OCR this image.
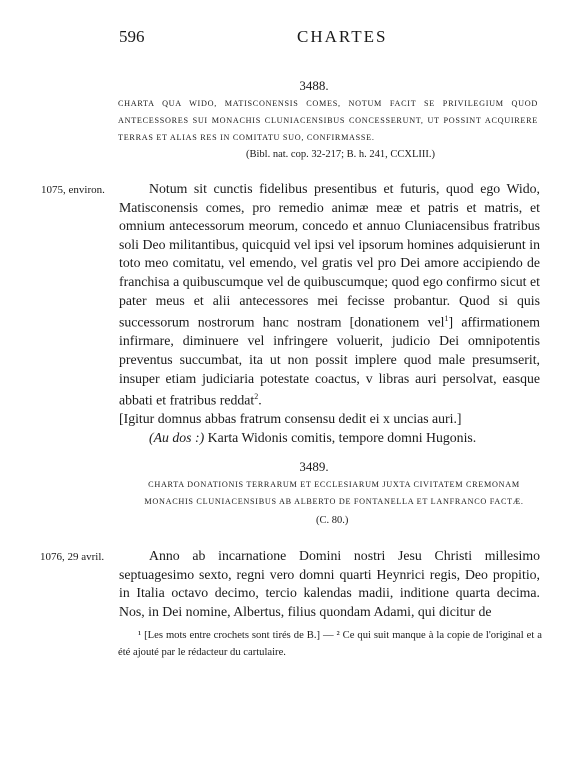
596	CHARTES
3488.
CHARTA QUA WIDO, MATISCONENSIS COMES, NOTUM FACIT SE PRIVILEGIUM QUOD ANTECESSORES SUI MONACHIS CLUNIACENSIBUS CONCESSERUNT, UT POSSINT ACQUIRERE TERRAS ET ALIAS RES IN COMITATU SUO, CONFIRMASSE.
(Bibl. nat. cop. 32-217; B. h. 241, CCXLIII.)
1075, environ.	Notum sit cunctis fidelibus presentibus et futuris, quod ego Wido, Matisconensis comes, pro remedio animæ meæ et patris et matris, et omnium antecessorum meorum, concedo et annuo Cluniacensibus fratribus soli Deo militantibus, quicquid vel ipsi vel ipsorum homines adquisierunt in toto meo comitatu, vel emendo, vel gratis vel pro Dei amore accipiendo de franchisa a quibuscumque vel de quibuscumque; quod ego confirmo sicut et pater meus et alii antecessores mei fecisse probantur. Quod si quis successorum nostrorum hanc nostram [donationem vel$^1$] affirmationem infirmare, diminuere vel infringere voluerit, judicio Dei omnipotentis preventus succumbat, ita ut non possit implere quod male presumserit, insuper etiam judiciaria potestate coactus, v libras auri persolvat, easque abbati et fratribus reddat$^2$.

[Igitur domnus abbas fratrum consensu dedit ei x uncias auri.]

(Au dos :) Karta Widonis comitis, tempore domni Hugonis.

3489.
CHARTA DONATIONIS TERRARUM ET ECCLESIARUM JUXTA CIVITATEM CREMONAM MONACHIS CLUNIACENSIBUS AB ALBERTO DE FONTANELLA ET LANFRANCO FACTÆ.
(C. 80.)
1076, 29 avril.	Anno ab incarnatione Domini nostri Jesu Christi millesimo septuagesimo sexto, regni vero domni quarti Heynrici regis, Deo propitio, in Italia octavo decimo, tercio kalendas madii, inditione quarta decima. Nos, in Dei nomine, Albertus, filius quondam Adami, qui dicitur de

¹ [Les mots entre crochets sont tirés de B.] — ² Ce qui suit manque à la copie de l'original et a été ajouté par le rédacteur du cartulaire.
